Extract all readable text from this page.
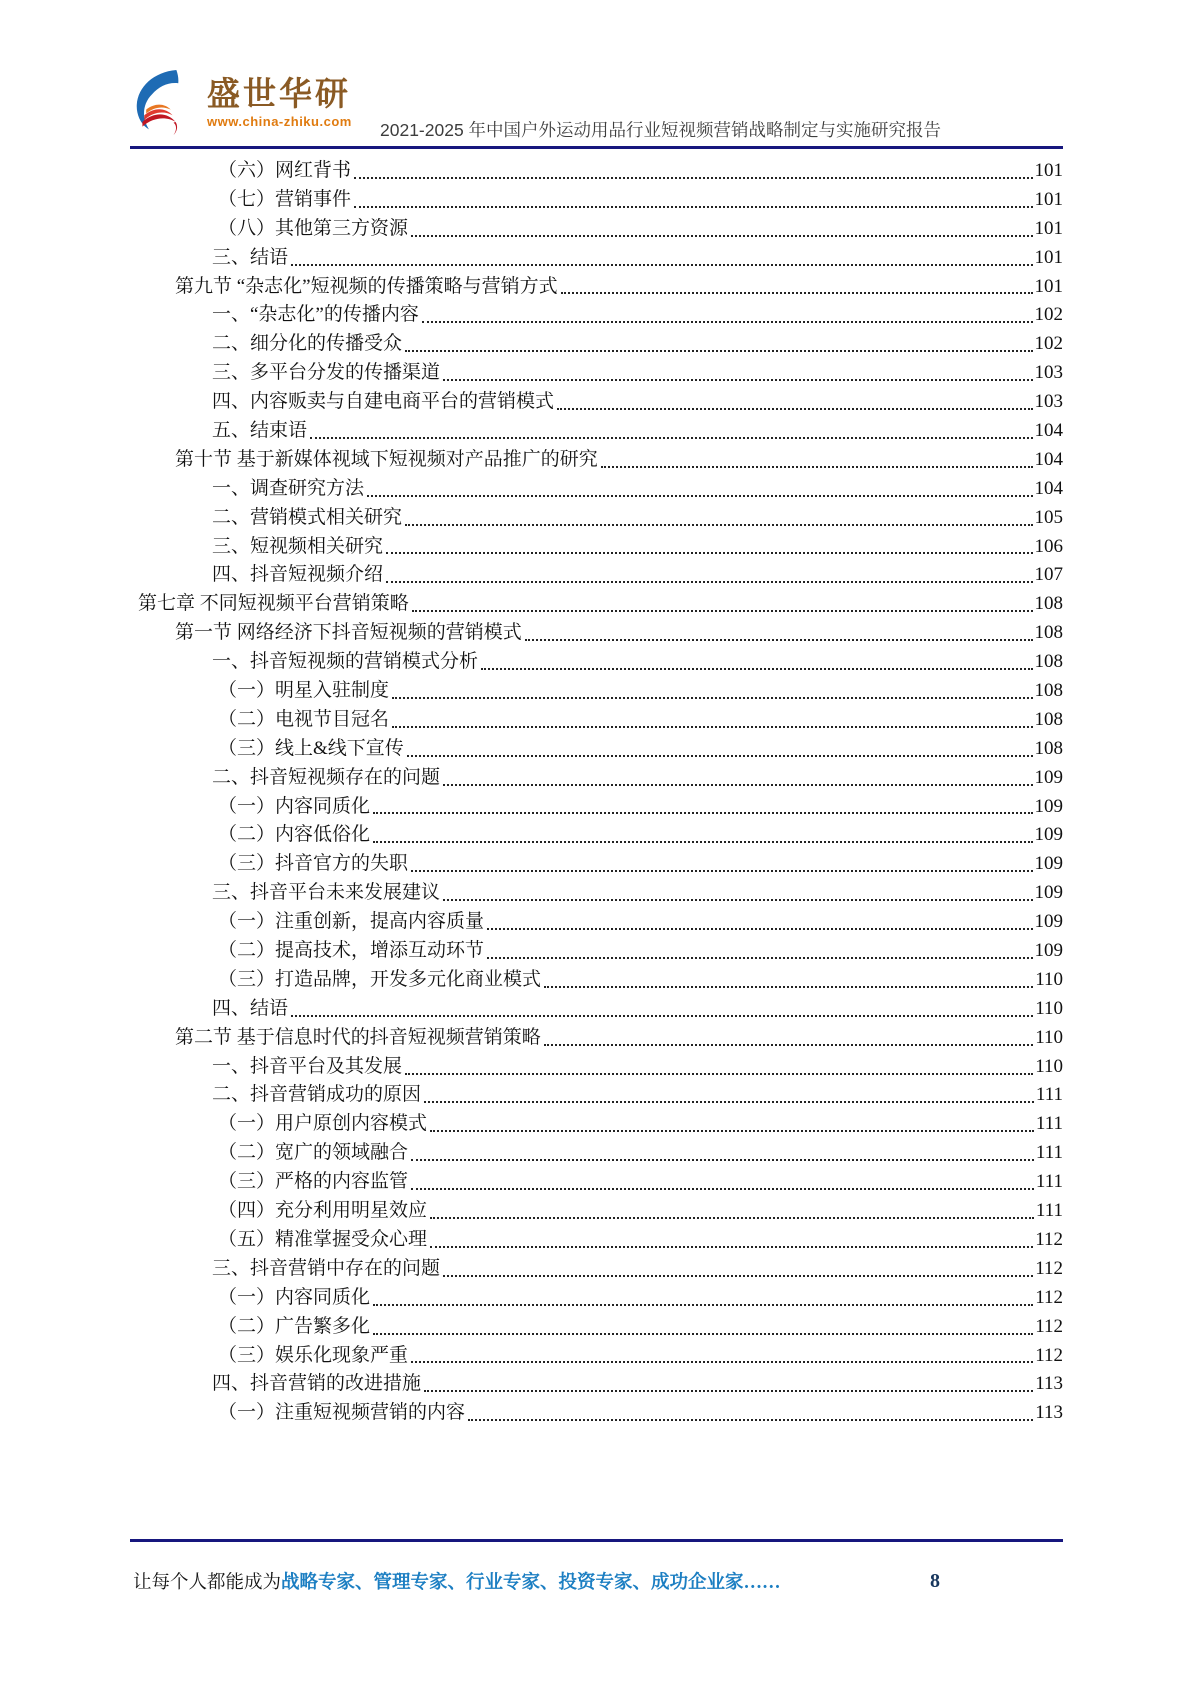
盛世华研
www.china-zhiku.com 2021-2025 年中国户外运动用品行业短视频营销战略制定与实施研究报告
（六）网红背书	101
（七）营销事件	101
（八）其他第三方资源	101
三、结语	101
第九节 “杂志化”短视频的传播策略与营销方式	101
一、“杂志化”的传播内容	102
二、细分化的传播受众	102
三、多平台分发的传播渠道	103
四、内容贩卖与自建电商平台的营销模式	103
五、结束语	104
第十节 基于新媒体视域下短视频对产品推广的研究	104
一、调查研究方法	104
二、营销模式相关研究	105
三、短视频相关研究	106
四、抖音短视频介绍	107
第七章 不同短视频平台营销策略	108
第一节 网络经济下抖音短视频的营销模式	108
一、抖音短视频的营销模式分析	108
（一）明星入驻制度	108
（二）电视节目冠名	108
（三）线上&线下宣传	108
二、抖音短视频存在的问题	109
（一）内容同质化	109
（二）内容低俗化	109
（三）抖音官方的失职	109
三、抖音平台未来发展建议	109
（一）注重创新，提高内容质量	109
（二）提高技术，增添互动环节	109
（三）打造品牌，开发多元化商业模式	110
四、结语	110
第二节 基于信息时代的抖音短视频营销策略	110
一、抖音平台及其发展	110
二、抖音营销成功的原因	111
（一）用户原创内容模式	111
（二）宽广的领域融合	111
（三）严格的内容监管	111
（四）充分利用明星效应	111
（五）精准掌握受众心理	112
三、抖音营销中存在的问题	112
（一）内容同质化	112
（二）广告繁多化	112
（三）娱乐化现象严重	112
四、抖音营销的改进措施	113
（一）注重短视频营销的内容	113
让每个人都能成为战略专家、管理专家、行业专家、投资专家、成功企业家……	8
